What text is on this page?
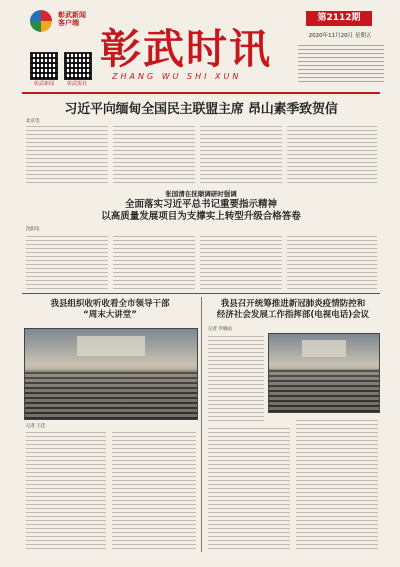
彰武新闻
客户端
彰武新闻	彰武报社
彰武时讯
ZHANG WU SHI XUN
第2112期
2020年11月20日 星期五
习近平向缅甸全国民主联盟主席 昂山素季致贺信
北京电
张国清在抚顺调研时强调
全面落实习近平总书记重要指示精神
以高质量发展项目为支撑实上转型升级合格答卷
沈阳电
我县组织收听收看全市领导干部
“周末大讲堂”
记者 王佳
我县召开统筹推进新冠肺炎疫情防控和
经济社会发展工作指挥部(电视电话)会议
记者 罗晓雨
